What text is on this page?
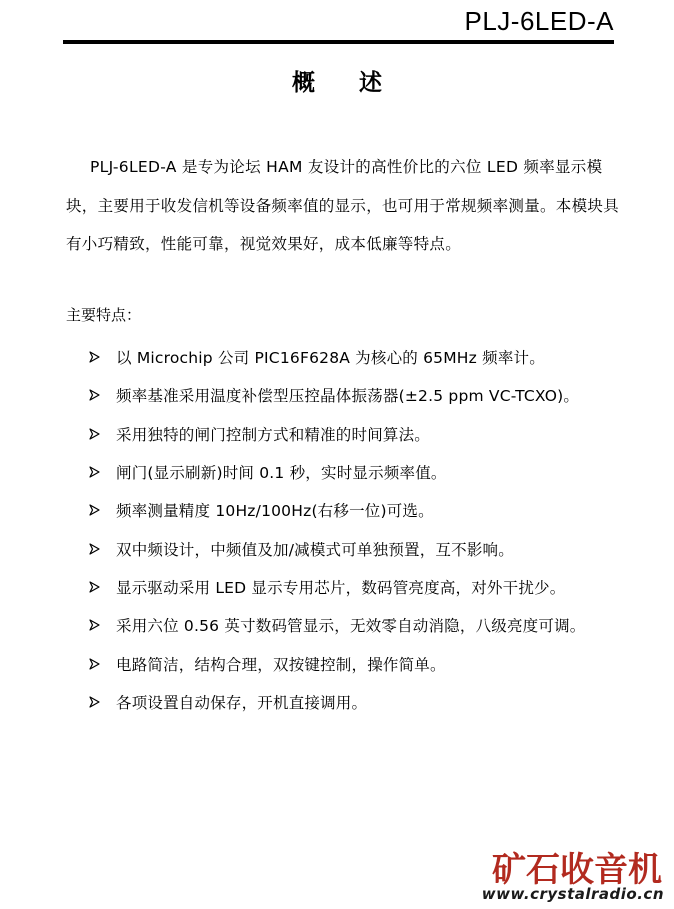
PLJ-6LED-A
概述

PLJ-6LED-A 是专为论坛 HAM 友设计的高性价比的六位 LED 频率显示模块，主要用于收发信机等设备频率值的显示，也可用于常规频率测量。本模块具有小巧精致，性能可靠，视觉效果好，成本低廉等特点。

主要特点：

以 Microchip 公司 PIC16F628A 为核心的 65MHz 频率计。
频率基准采用温度补偿型压控晶体振荡器(±2.5 ppm VC-TCXO)。
采用独特的闸门控制方式和精准的时间算法。
闸门(显示刷新)时间 0.1 秒，实时显示频率值。
频率测量精度 10Hz/100Hz(右移一位)可选。
双中频设计，中频值及加/减模式可单独预置，互不影响。
显示驱动采用 LED 显示专用芯片，数码管亮度高，对外干扰少。
采用六位 0.56 英寸数码管显示，无效零自动消隐，八级亮度可调。
电路简洁，结构合理，双按键控制，操作简单。
各项设置自动保存，开机直接调用。
矿石收音机
www.crystalradio.cn
